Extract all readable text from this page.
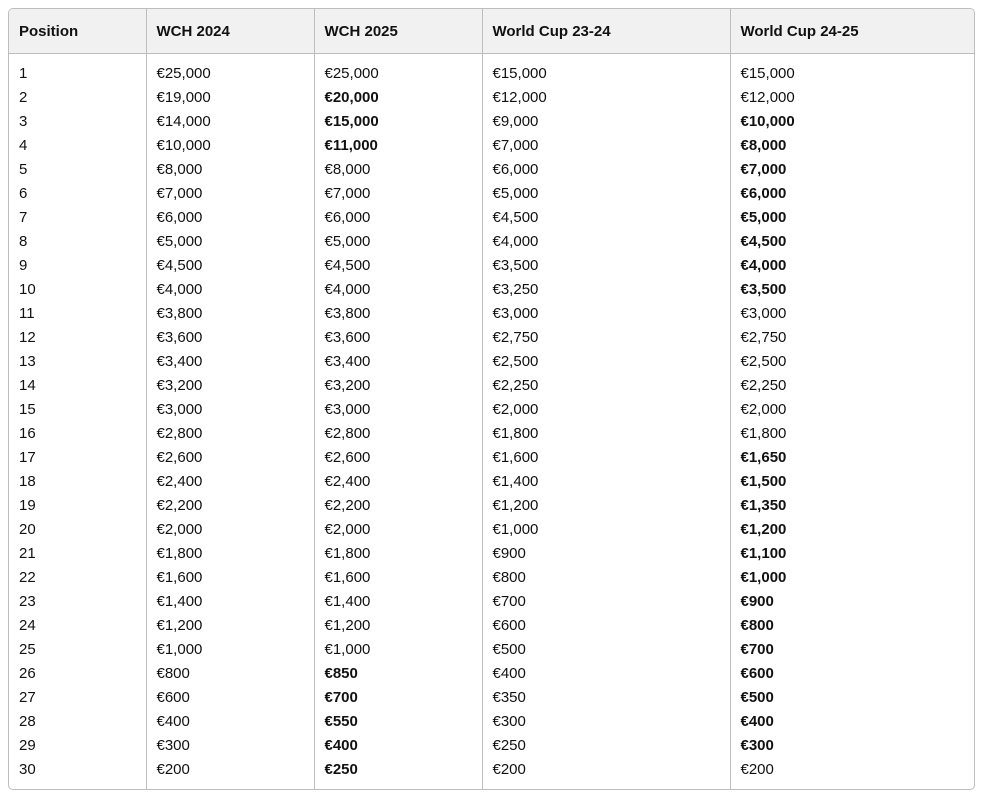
Position	WCH 2024	WCH 2025	World Cup 23-24	World Cup 24-25
1	€25,000	€25,000	€15,000	€15,000
2	€19,000	€20,000	€12,000	€12,000
3	€14,000	€15,000	€9,000	€10,000
4	€10,000	€11,000	€7,000	€8,000
5	€8,000	€8,000	€6,000	€7,000
6	€7,000	€7,000	€5,000	€6,000
7	€6,000	€6,000	€4,500	€5,000
8	€5,000	€5,000	€4,000	€4,500
9	€4,500	€4,500	€3,500	€4,000
10	€4,000	€4,000	€3,250	€3,500
11	€3,800	€3,800	€3,000	€3,000
12	€3,600	€3,600	€2,750	€2,750
13	€3,400	€3,400	€2,500	€2,500
14	€3,200	€3,200	€2,250	€2,250
15	€3,000	€3,000	€2,000	€2,000
16	€2,800	€2,800	€1,800	€1,800
17	€2,600	€2,600	€1,600	€1,650
18	€2,400	€2,400	€1,400	€1,500
19	€2,200	€2,200	€1,200	€1,350
20	€2,000	€2,000	€1,000	€1,200
21	€1,800	€1,800	€900	€1,100
22	€1,600	€1,600	€800	€1,000
23	€1,400	€1,400	€700	€900
24	€1,200	€1,200	€600	€800
25	€1,000	€1,000	€500	€700
26	€800	€850	€400	€600
27	€600	€700	€350	€500
28	€400	€550	€300	€400
29	€300	€400	€250	€300
30	€200	€250	€200	€200
